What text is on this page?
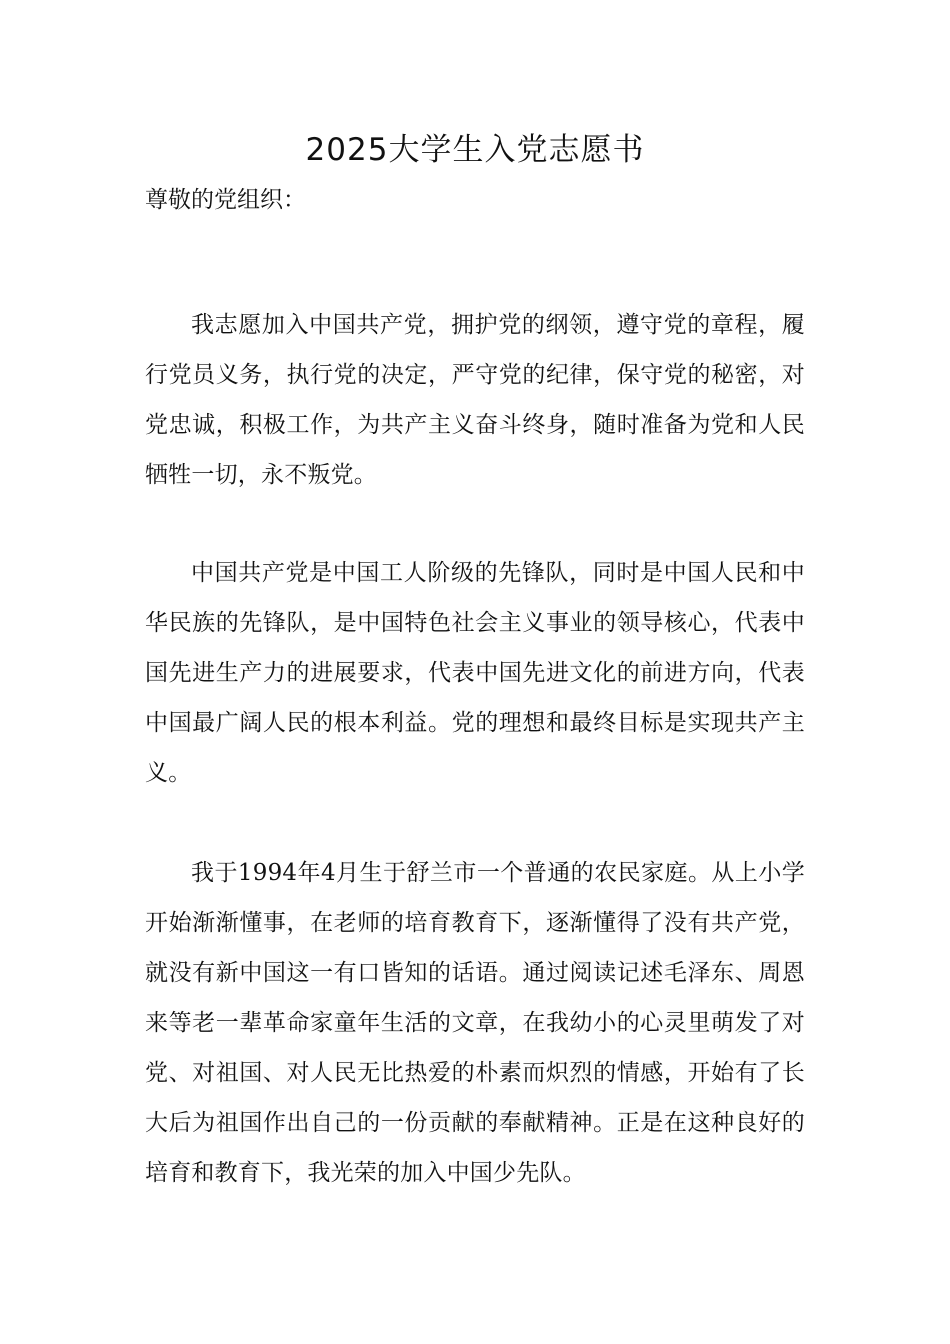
2025大学生入党志愿书
尊敬的党组织：

我志愿加入中国共产党，拥护党的纲领，遵守党的章程，履行党员义务，执行党的决定，严守党的纪律，保守党的秘密，对党忠诚，积极工作，为共产主义奋斗终身，随时准备为党和人民牺牲一切，永不叛党。

中国共产党是中国工人阶级的先锋队，同时是中国人民和中华民族的先锋队，是中国特色社会主义事业的领导核心，代表中国先进生产力的进展要求，代表中国先进文化的前进方向，代表中国最广阔人民的根本利益。党的理想和最终目标是实现共产主义。

我于1994年4月生于舒兰市一个普通的农民家庭。从上小学开始渐渐懂事，在老师的培育教育下，逐渐懂得了没有共产党，就没有新中国这一有口皆知的话语。通过阅读记述毛泽东、周恩来等老一辈革命家童年生活的文章，在我幼小的心灵里萌发了对党、对祖国、对人民无比热爱的朴素而炽烈的情感，开始有了长大后为祖国作出自己的一份贡献的奉献精神。正是在这种良好的培育和教育下，我光荣的加入中国少先队。
